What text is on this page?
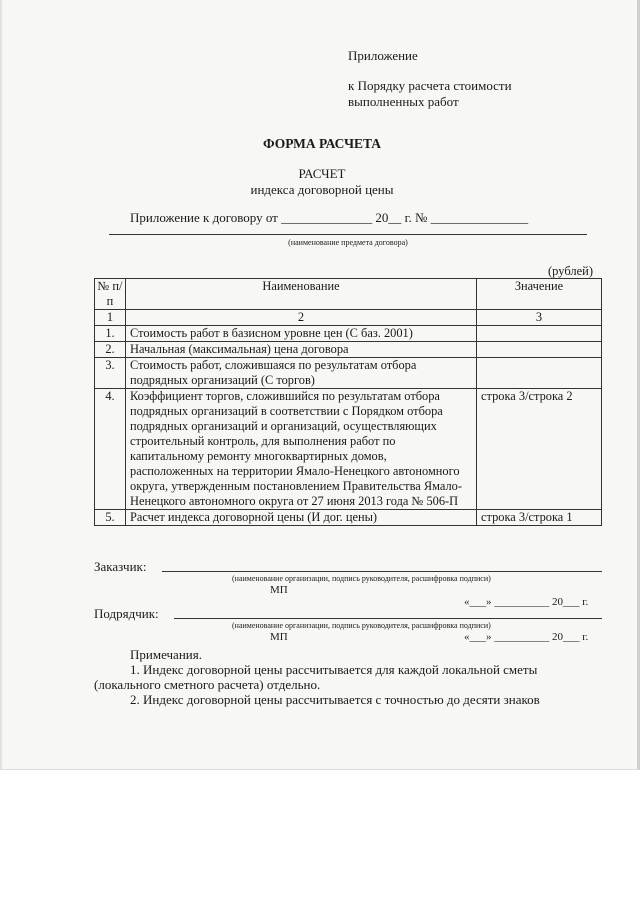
Приложение
к Порядку расчета стоимости
выполненных работ
ФОРМА РАСЧЕТА
РАСЧЕТ
индекса договорной цены
Приложение к договору от ______________ 20__ г. № _______________
(наименование предмета договора)
(рублей)
№ п/п	Наименование	Значение
1	2	3
1.	Стоимость работ в базисном уровне цен (С баз. 2001)	
2.	Начальная (максимальная) цена договора	
3.	Стоимость работ, сложившаяся по результатам отбора подрядных организаций (С торгов)	
4.	Коэффициент торгов, сложившийся по результатам отбора подрядных организаций в соответствии с Порядком отбора подрядных организаций и организаций, осуществляющих строительный контроль, для выполнения работ по капитальному ремонту многоквартирных домов, расположенных на территории Ямало-Ненецкого автономного округа, утвержденным постановлением Правительства Ямало-Ненецкого автономного округа от 27 июня 2013 года № 506-П	строка 3/строка 2
5.	Расчет индекса договорной цены (И дог. цены)	строка 3/строка 1
Заказчик:
(наименование организации, подпись руководителя, расшифровка подписи)
МП
«___» __________ 20___ г.
Подрядчик:
(наименование организации, подпись руководителя, расшифровка подписи)
МП	«___» __________ 20___ г.
Примечания.
1. Индекс договорной цены рассчитывается для каждой локальной сметы
(локального сметного расчета) отдельно.
2. Индекс договорной цены рассчитывается с точностью до десяти знаков
